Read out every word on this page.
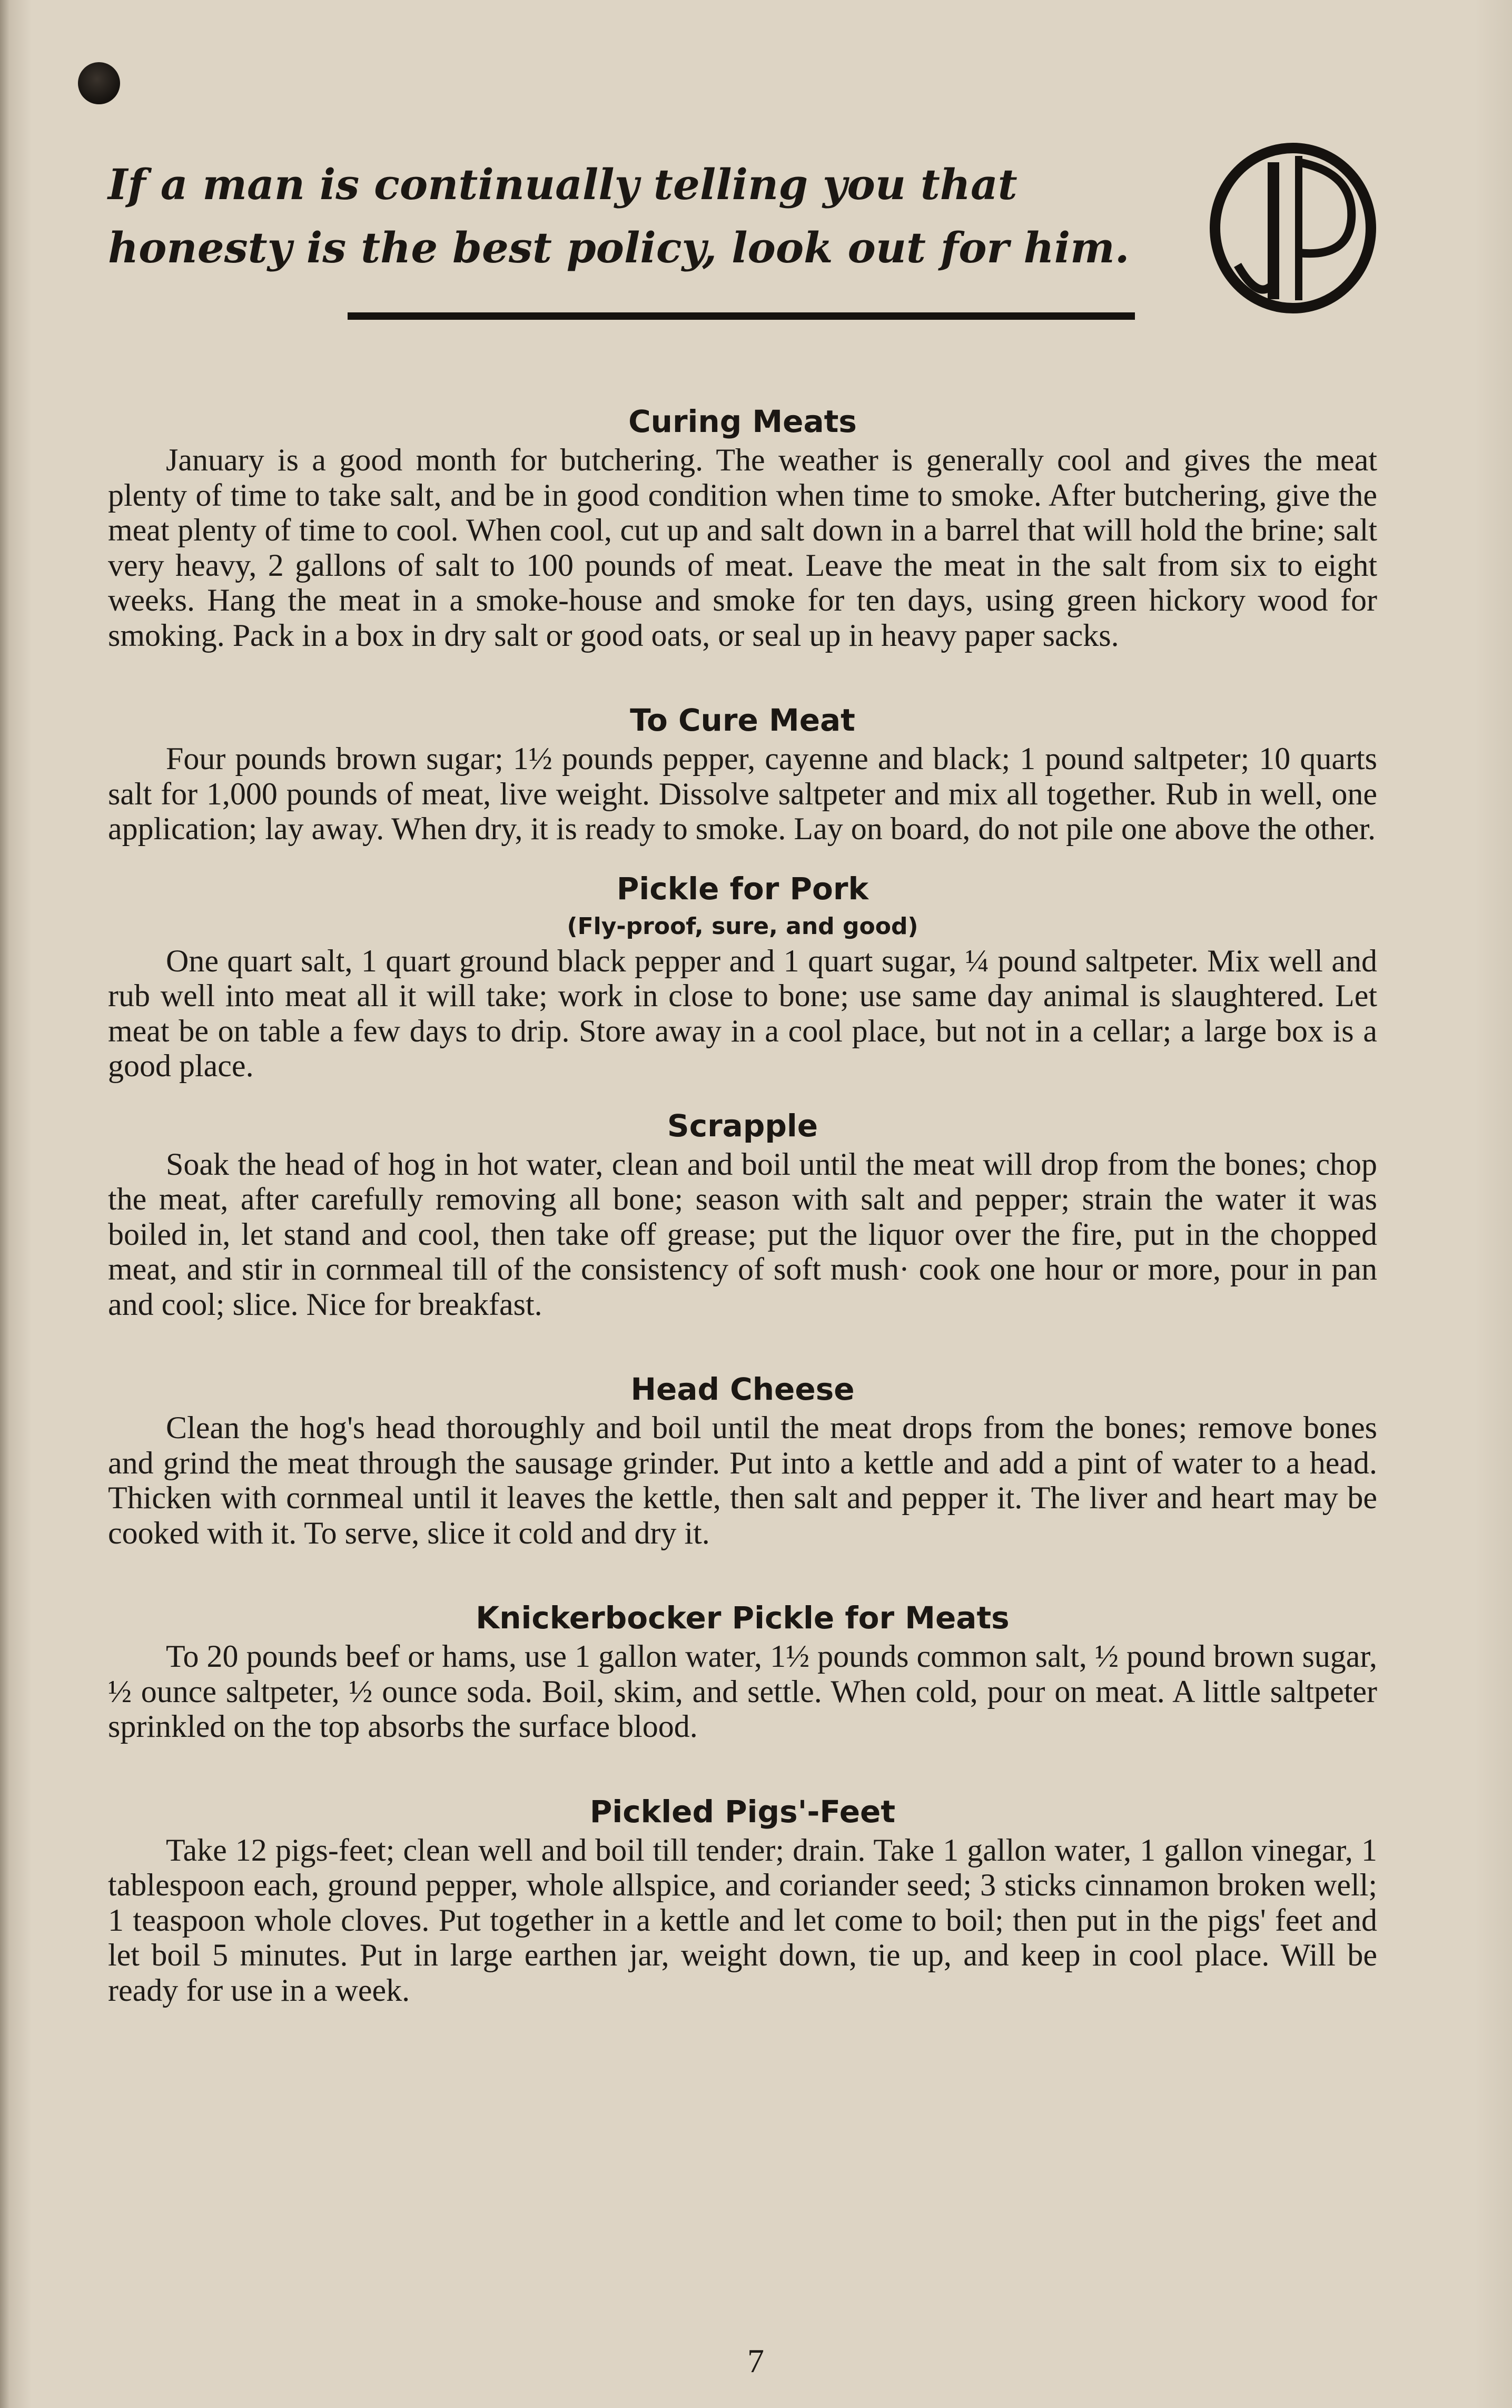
If a man is continually telling you that honesty is the best policy, look out for him.

Curing Meats

January is a good month for butchering. The weather is generally cool and gives the meat plenty of time to take salt, and be in good condition when time to smoke. After butchering, give the meat plenty of time to cool. When cool, cut up and salt down in a barrel that will hold the brine; salt very heavy, 2 gallons of salt to 100 pounds of meat. Leave the meat in the salt from six to eight weeks. Hang the meat in a smoke-house and smoke for ten days, using green hickory wood for smoking. Pack in a box in dry salt or good oats, or seal up in heavy paper sacks.

To Cure Meat

Four pounds brown sugar; 1½ pounds pepper, cayenne and black; 1 pound saltpeter; 10 quarts salt for 1,000 pounds of meat, live weight. Dissolve saltpeter and mix all together. Rub in well, one application; lay away. When dry, it is ready to smoke. Lay on board, do not pile one above the other.

Pickle for Pork
(Fly-proof, sure, and good)

One quart salt, 1 quart ground black pepper and 1 quart sugar, ¼ pound saltpeter. Mix well and rub well into meat all it will take; work in close to bone; use same day animal is slaughtered. Let meat be on table a few days to drip. Store away in a cool place, but not in a cellar; a large box is a good place.

Scrapple

Soak the head of hog in hot water, clean and boil until the meat will drop from the bones; chop the meat, after carefully removing all bone; season with salt and pepper; strain the water it was boiled in, let stand and cool, then take off grease; put the liquor over the fire, put in the chopped meat, and stir in cornmeal till of the consistency of soft mush· cook one hour or more, pour in pan and cool; slice. Nice for breakfast.

Head Cheese

Clean the hog's head thoroughly and boil until the meat drops from the bones; remove bones and grind the meat through the sausage grinder. Put into a kettle and add a pint of water to a head. Thicken with cornmeal until it leaves the kettle, then salt and pepper it. The liver and heart may be cooked with it. To serve, slice it cold and dry it.

Knickerbocker Pickle for Meats

To 20 pounds beef or hams, use 1 gallon water, 1½ pounds common salt, ½ pound brown sugar, ½ ounce saltpeter, ½ ounce soda. Boil, skim, and settle. When cold, pour on meat. A little saltpeter sprinkled on the top absorbs the surface blood.

Pickled Pigs'-Feet

Take 12 pigs-feet; clean well and boil till tender; drain. Take 1 gallon water, 1 gallon vinegar, 1 tablespoon each, ground pepper, whole allspice, and coriander seed; 3 sticks cinnamon broken well; 1 teaspoon whole cloves. Put together in a kettle and let come to boil; then put in the pigs' feet and let boil 5 minutes. Put in large earthen jar, weight down, tie up, and keep in cool place. Will be ready for use in a week.

7
